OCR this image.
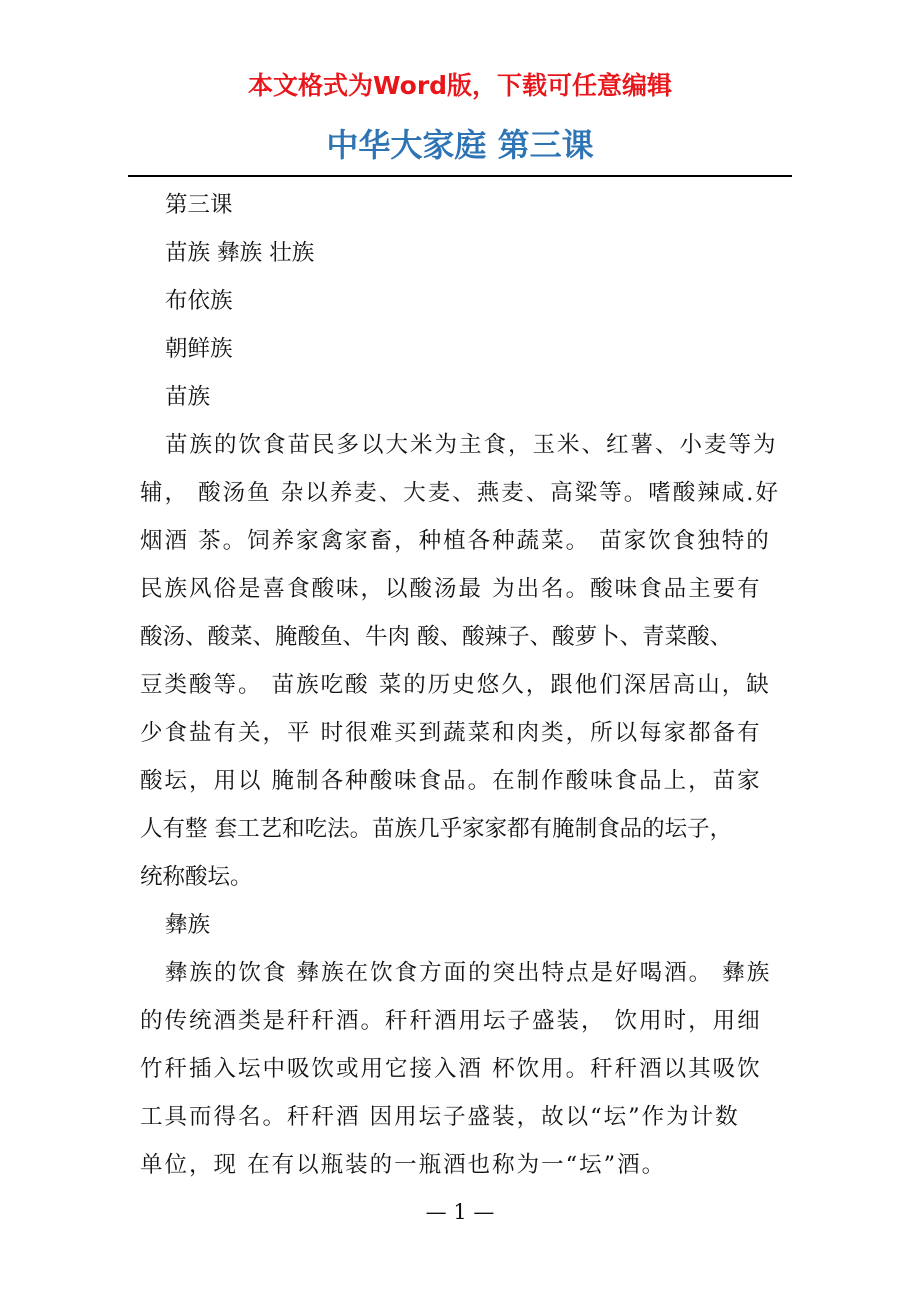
本文格式为Word版，下载可任意编辑
中华大家庭 第三课
第三课
苗族 彝族 壮族
布依族
朝鲜族
苗族
苗族的饮食苗民多以大米为主食，玉米、红薯、小麦等为
辅， 酸汤鱼 杂以养麦、大麦、燕麦、高粱等。嗜酸辣咸.好
烟酒 茶。饲养家禽家畜，种植各种蔬菜。 苗家饮食独特的
民族风俗是喜食酸味，以酸汤最 为出名。酸味食品主要有
酸汤、酸菜、腌酸鱼、牛肉 酸、酸辣子、酸萝卜、青菜酸、
豆类酸等。 苗族吃酸 菜的历史悠久，跟他们深居高山，缺
少食盐有关，平 时很难买到蔬菜和肉类，所以每家都备有
酸坛，用以 腌制各种酸味食品。在制作酸味食品上，苗家
人有整 套工艺和吃法。苗族几乎家家都有腌制食品的坛子，
统称酸坛。
彝族
彝族的饮食 彝族在饮食方面的突出特点是好喝酒。 彝族
的传统酒类是秆秆酒。秆秆酒用坛子盛装， 饮用时，用细
竹秆插入坛中吸饮或用它接入酒 杯饮用。秆秆酒以其吸饮
工具而得名。秆秆酒 因用坛子盛装，故以“坛”作为计数
单位，现 在有以瓶装的一瓶酒也称为一“坛”酒。
— 1 —
